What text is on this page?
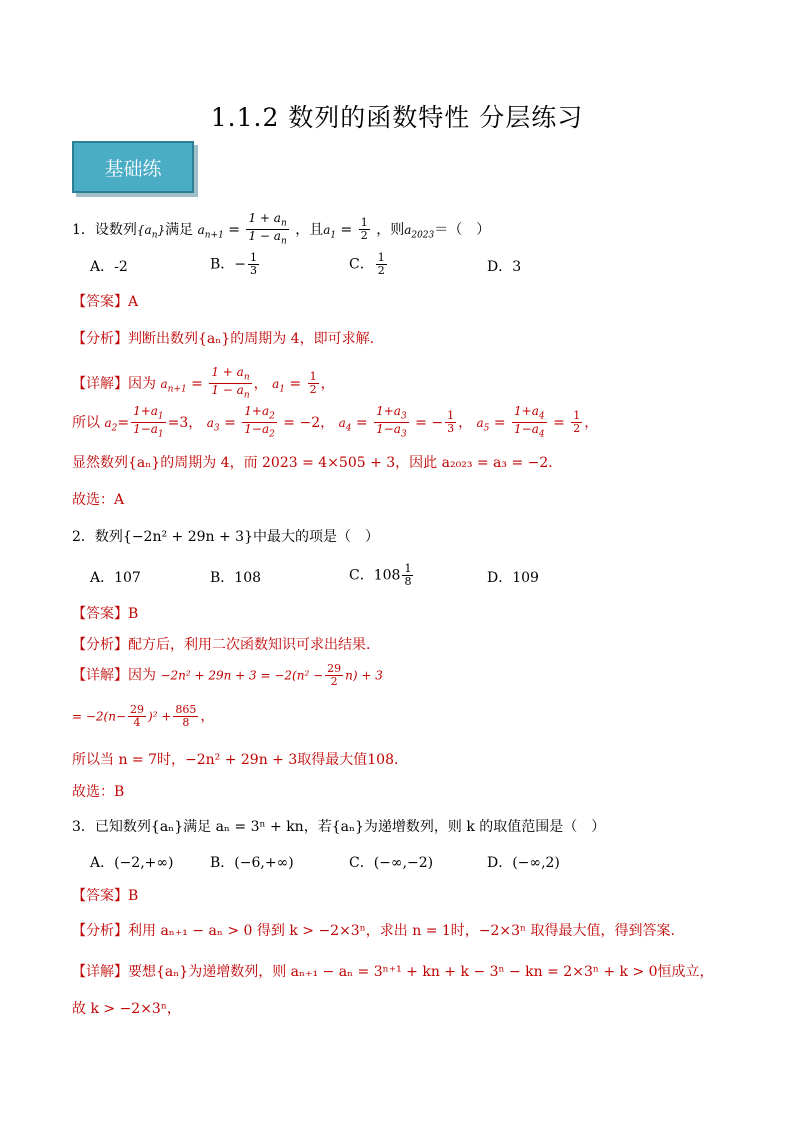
1.1.2 数列的函数特性 分层练习
基础练
1．设数列$\{a_n\}$满足 $a_{n+1} = \frac{1 + a_n}{1 - a_n}$ ，且$a_1 = \frac{1}{2}$ ，则$a_{2023}=$（　）
A．-2	B．− $\frac{1}{3}$	C． $\frac{1}{2}$	D．3
【答案】A
【分析】判断出数列{aₙ}的周期为 4，即可求解.
【详解】因为 $a_{n+1} = \frac{1 + a_n}{1 - a_n}$ ， $a_1 = \frac{1}{2}$ ，
所以 $a_2= \frac{1+a_1}{1-a_1} =3$， $a_3 = \frac{1+a_2}{1-a_2} = -2$， $a_4 = \frac{1+a_3}{1-a_3}$ = − $\frac{1}{3}$ ， $a_5 = \frac{1+a_4}{1-a_4} = \frac{1}{2}$ ，
显然数列{aₙ}的周期为 4，而 2023 = 4×505 + 3，因此 a₂₀₂₃ = a₃ = −2．
故选：A
2．数列{−2n² + 29n + 3}中最大的项是（　）
A．107	B．108	C．$108 \frac{1}{8}$	D．109
【答案】B
【分析】配方后，利用二次函数知识可求出结果.
【详解】因为 $-2n^2 + 29n + 3 = -2(n^2 - \frac{29}{2} n) + 3$
= $-2(n- \frac{29}{4} )^2 + \frac{865}{8}$ ，
所以当 n = 7时，−2n² + 29n + 3取得最大值108．
故选：B
3．已知数列{aₙ}满足 aₙ = 3ⁿ + kn，若{aₙ}为递增数列，则 k 的取值范围是（　）
A．(−2,+∞)	B．(−6,+∞)	C．(−∞,−2)	D．(−∞,2)
【答案】B
【分析】利用 aₙ₊₁ − aₙ > 0 得到 k > −2×3ⁿ，求出 n = 1时，−2×3ⁿ 取得最大值，得到答案.
【详解】要想{aₙ}为递增数列，则 aₙ₊₁ − aₙ = 3ⁿ⁺¹ + kn + k − 3ⁿ − kn = 2×3ⁿ + k > 0恒成立，
故 k > −2×3ⁿ，
